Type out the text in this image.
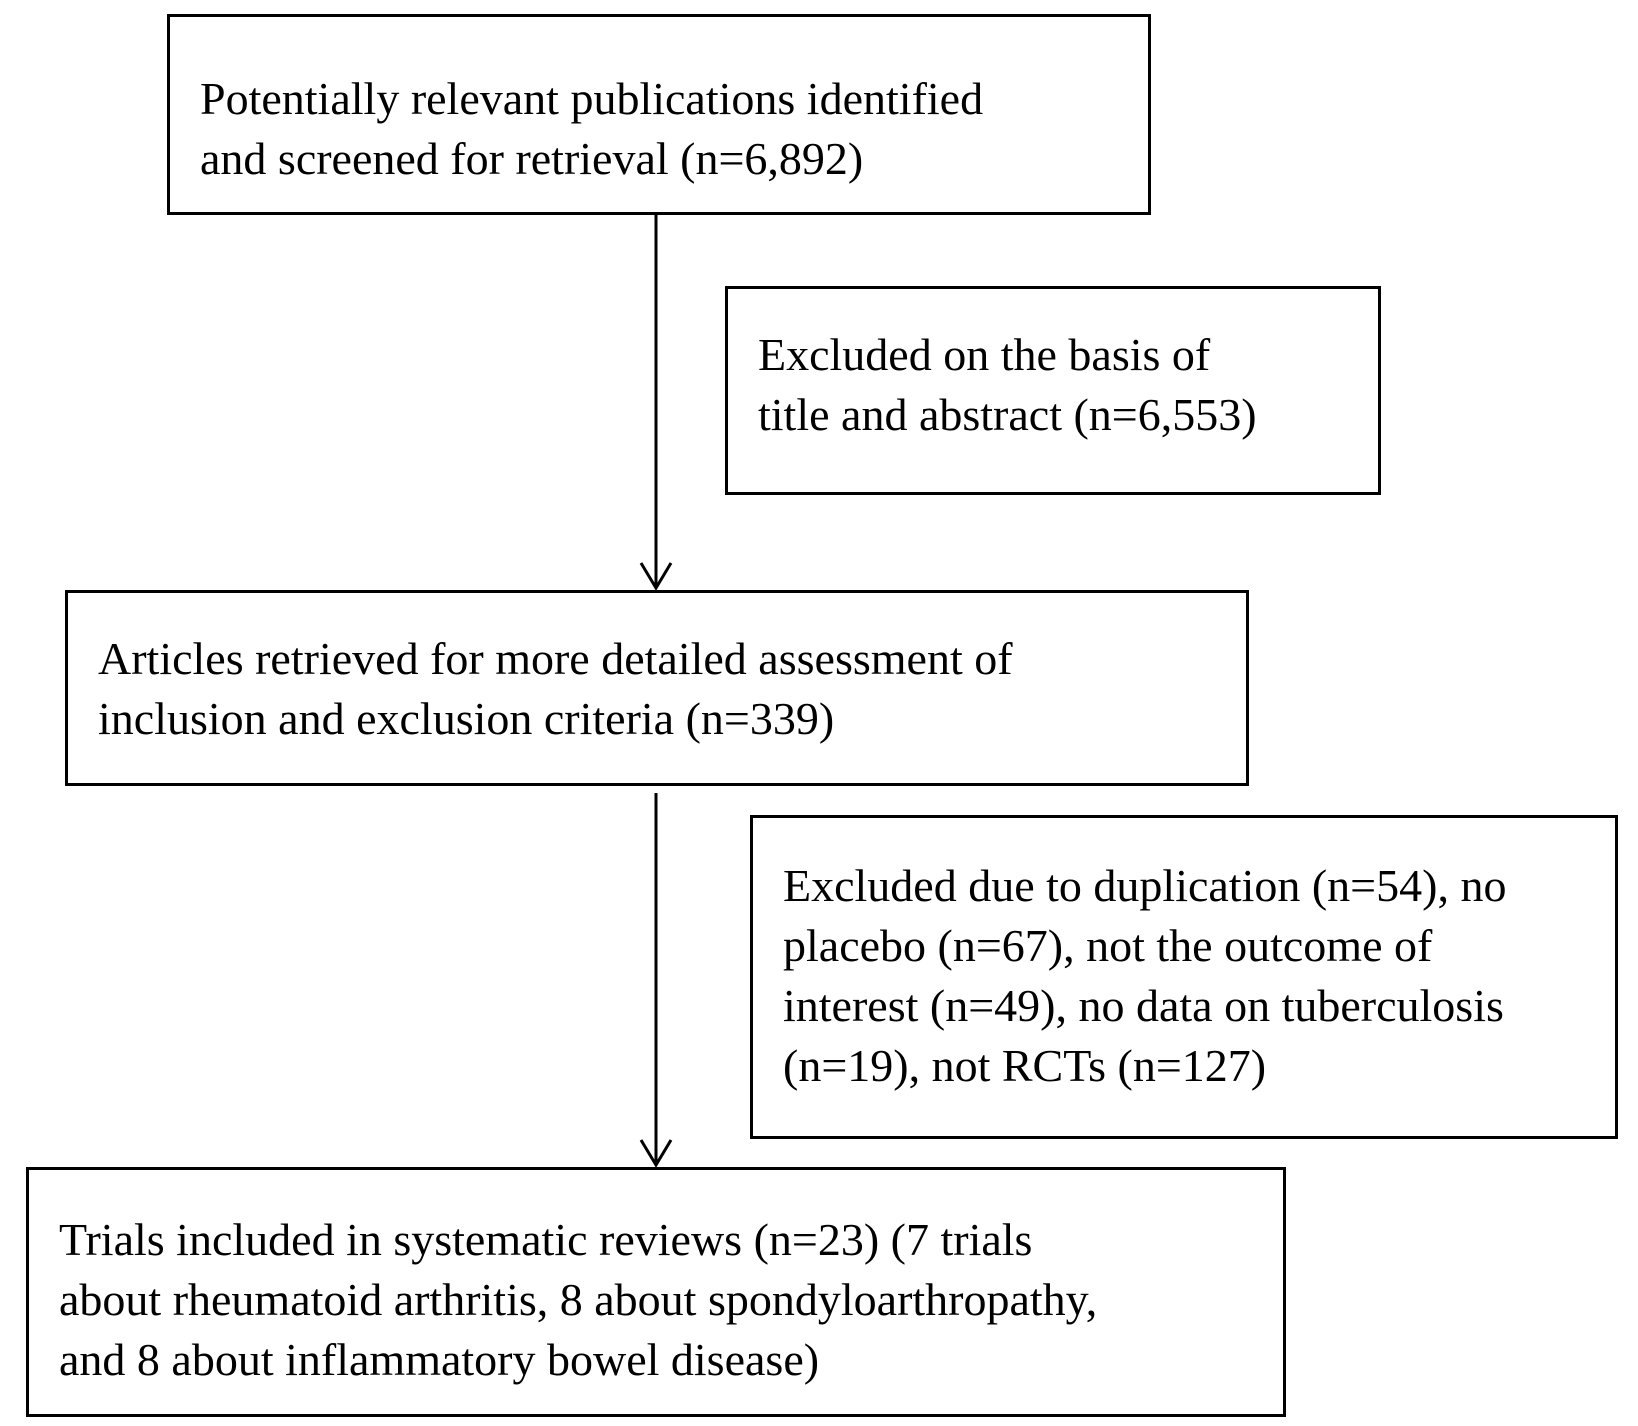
Potentially relevant publications identified
and screened for retrieval (n=6,892)

Excluded on the basis of
title and abstract (n=6,553)

Articles retrieved for more detailed assessment of
inclusion and exclusion criteria (n=339)

Excluded due to duplication (n=54), no
placebo (n=67), not the outcome of
interest (n=49), no data on tuberculosis
(n=19), not RCTs (n=127)

Trials included in systematic reviews (n=23) (7 trials
about rheumatoid arthritis, 8 about spondyloarthropathy,
and 8 about inflammatory bowel disease)
